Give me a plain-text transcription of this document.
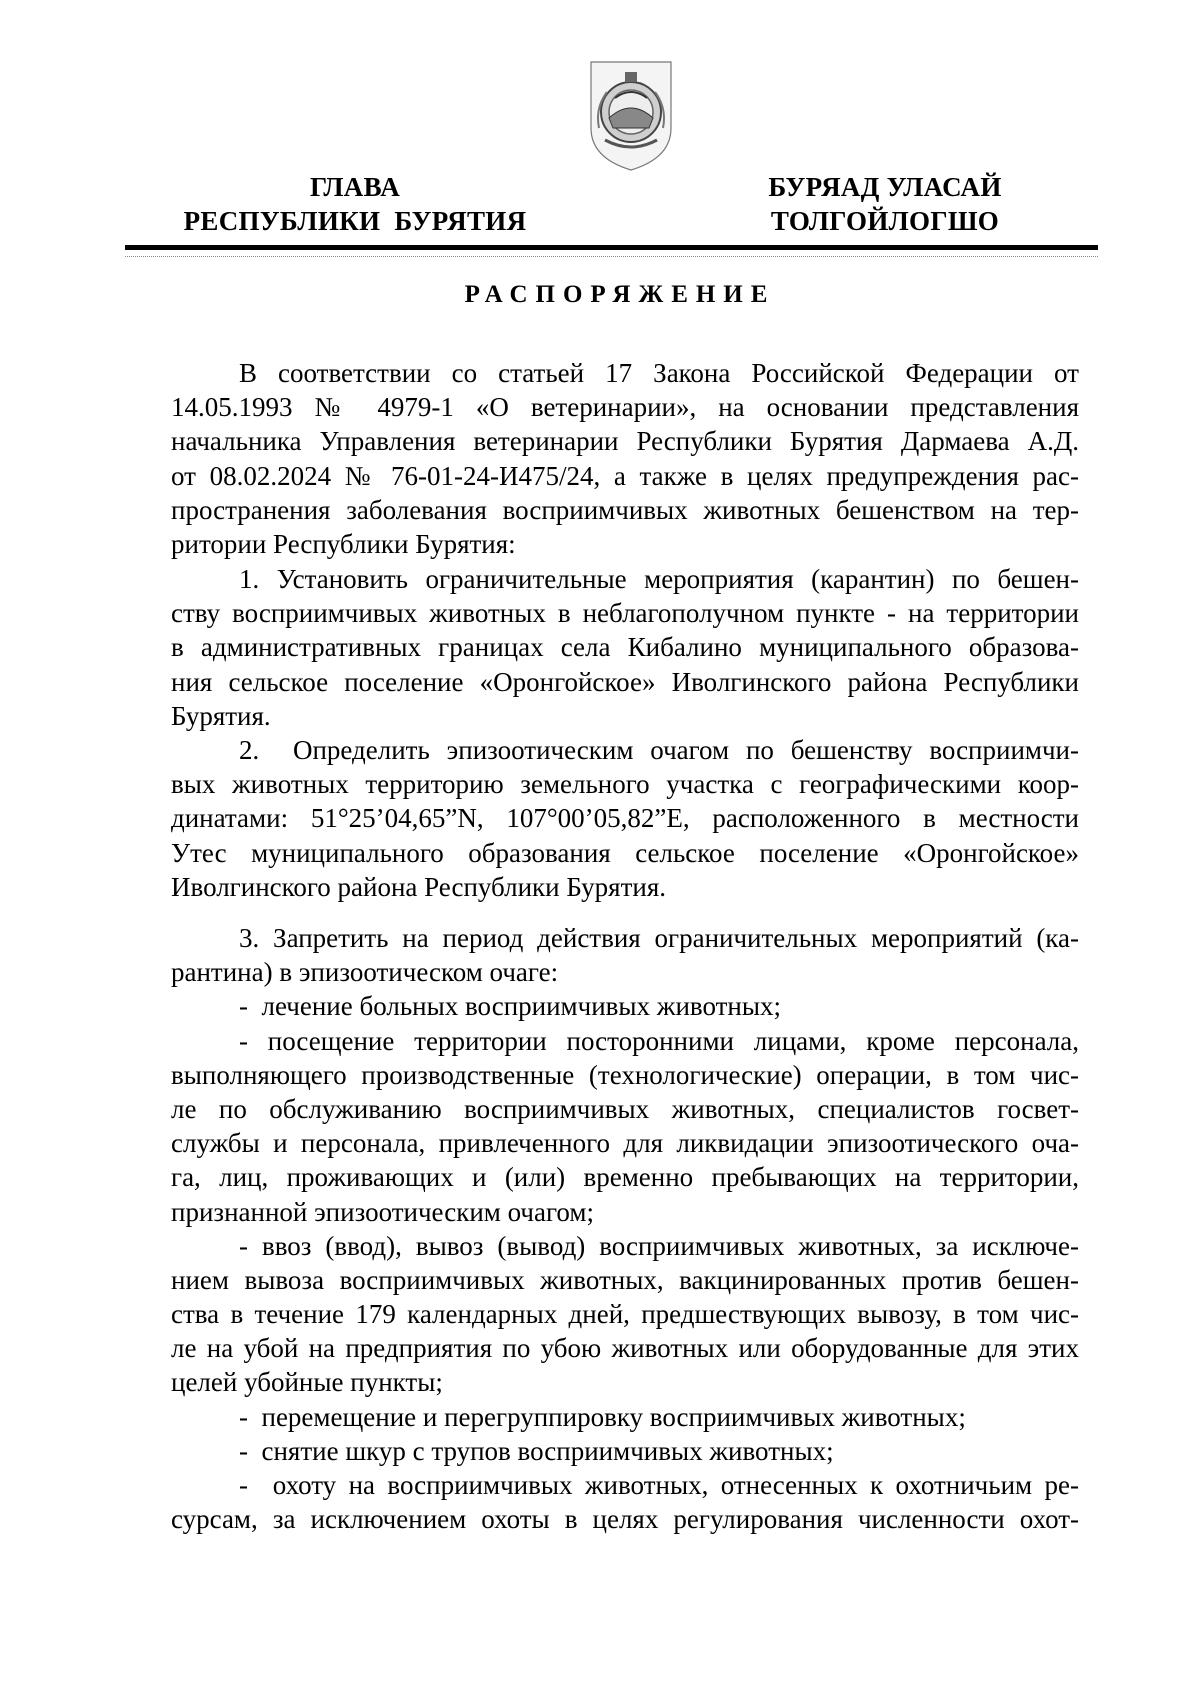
ГЛАВА
РЕСПУБЛИКИ  БУРЯТИЯ
БУРЯАД УЛАСАЙ
ТОЛГОЙЛОГШО
РАСПОРЯЖЕНИЕ
В соответствии со статьей 17 Закона Российской Федерации от
14.05.1993 № 4979-1 «О ветеринарии», на основании представления
начальника Управления ветеринарии Республики Бурятия Дармаева А.Д.
от 08.02.2024 № 76-01-24-И475/24, а также в целях предупреждения рас-
пространения заболевания восприимчивых животных бешенством на тер-
ритории Республики Бурятия:
1. Установить ограничительные мероприятия (карантин) по бешен-
ству восприимчивых животных в неблагополучном пункте - на территории
в административных границах села Кибалино муниципального образова-
ния сельское поселение «Оронгойское» Иволгинского района Республики
Бурятия.
2.  Определить эпизоотическим очагом по бешенству восприимчи-
вых животных территорию земельного участка с географическими коор-
динатами: 51°25’04,65”N, 107°00’05,82”E, расположенного в местности
Утес муниципального образования сельское поселение «Оронгойское»
Иволгинского района Республики Бурятия.
3. Запретить на период действия ограничительных мероприятий (ка-
рантина) в эпизоотическом очаге:
-  лечение больных восприимчивых животных;
- посещение территории посторонними лицами, кроме персонала,
выполняющего производственные (технологические) операции, в том чис-
ле по обслуживанию восприимчивых животных, специалистов госвет-
службы и персонала, привлеченного для ликвидации эпизоотического оча-
га, лиц, проживающих и (или) временно пребывающих на территории,
признанной эпизоотическим очагом;
- ввоз (ввод), вывоз (вывод) восприимчивых животных, за исключе-
нием вывоза восприимчивых животных, вакцинированных против бешен-
ства в течение 179 календарных дней, предшествующих вывозу, в том чис-
ле на убой на предприятия по убою животных или оборудованные для этих
целей убойные пункты;
-  перемещение и перегруппировку восприимчивых животных;
-  снятие шкур с трупов восприимчивых животных;
-  охоту на восприимчивых животных, отнесенных к охотничьим ре-
сурсам, за исключением охоты в целях регулирования численности охот-
